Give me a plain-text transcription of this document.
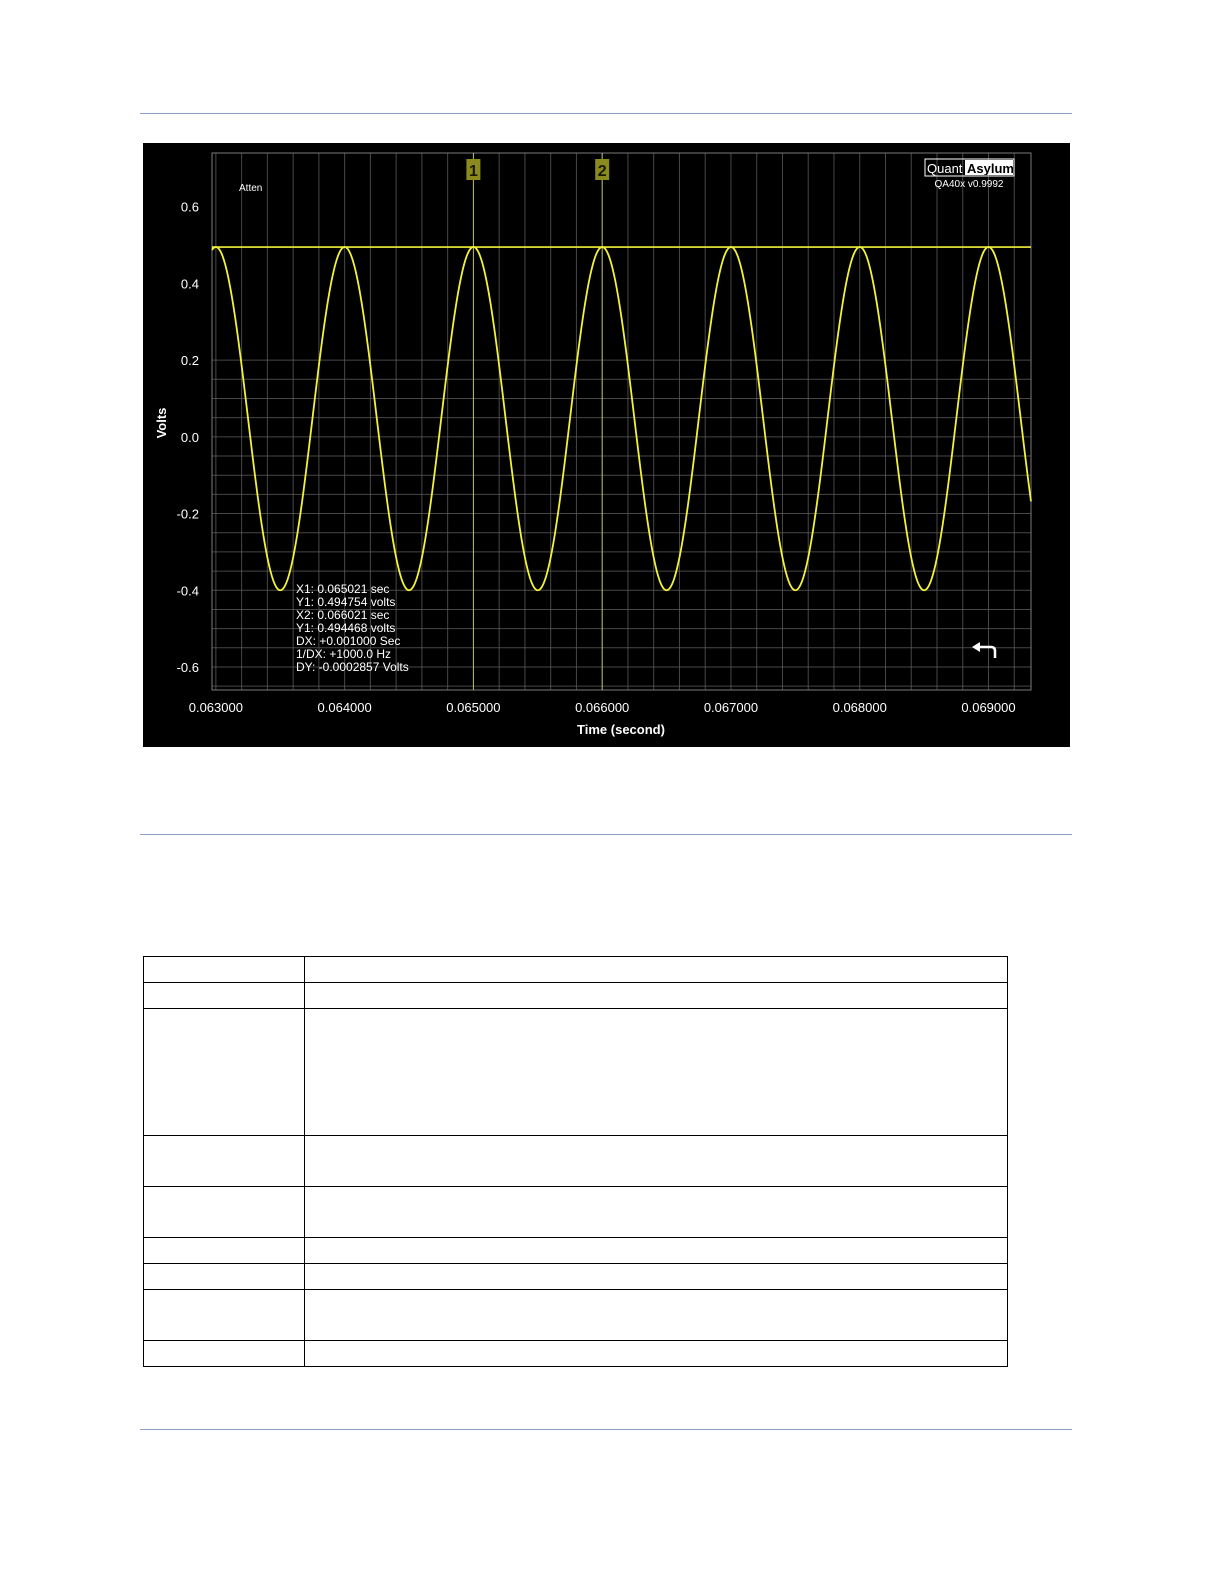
1	2
0.063000	0.064000	0.065000	0.066000	0.067000	0.068000	0.069000
0.6
0.4
0.2
0.0
-0.2
-0.4
-0.6
Volts
Time (second)
Atten
Quant Asylum
QA40x v0.9992
X1: 0.065021 sec
Y1: 0.494754 volts
X2: 0.066021 sec
Y1: 0.494468 volts
DX: +0.001000 Sec
1/DX: +1000.0 Hz
DY: -0.0002857 Volts
